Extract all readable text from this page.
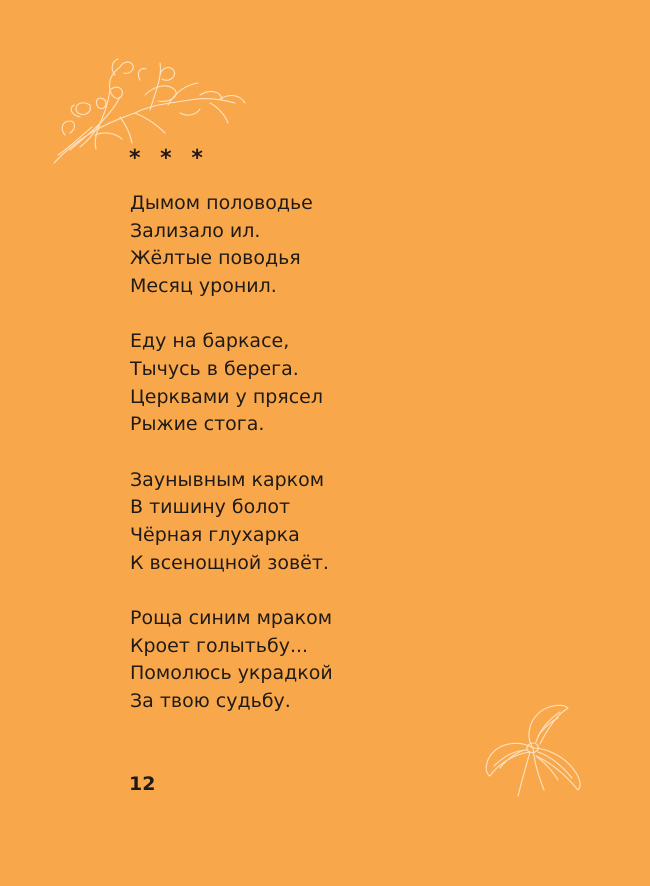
* * *
Дымом половодье
Зализало ил.
Жёлтые поводья
Месяц уронил.
Еду на баркасе,
Тычусь в берега.
Церквами у прясел
Рыжие стога.
Заунывным карком
В тишину болот
Чёрная глухарка
К всенощной зовёт.
Роща синим мраком
Кроет голытьбу...
Помолюсь украдкой
За твою судьбу.
12
